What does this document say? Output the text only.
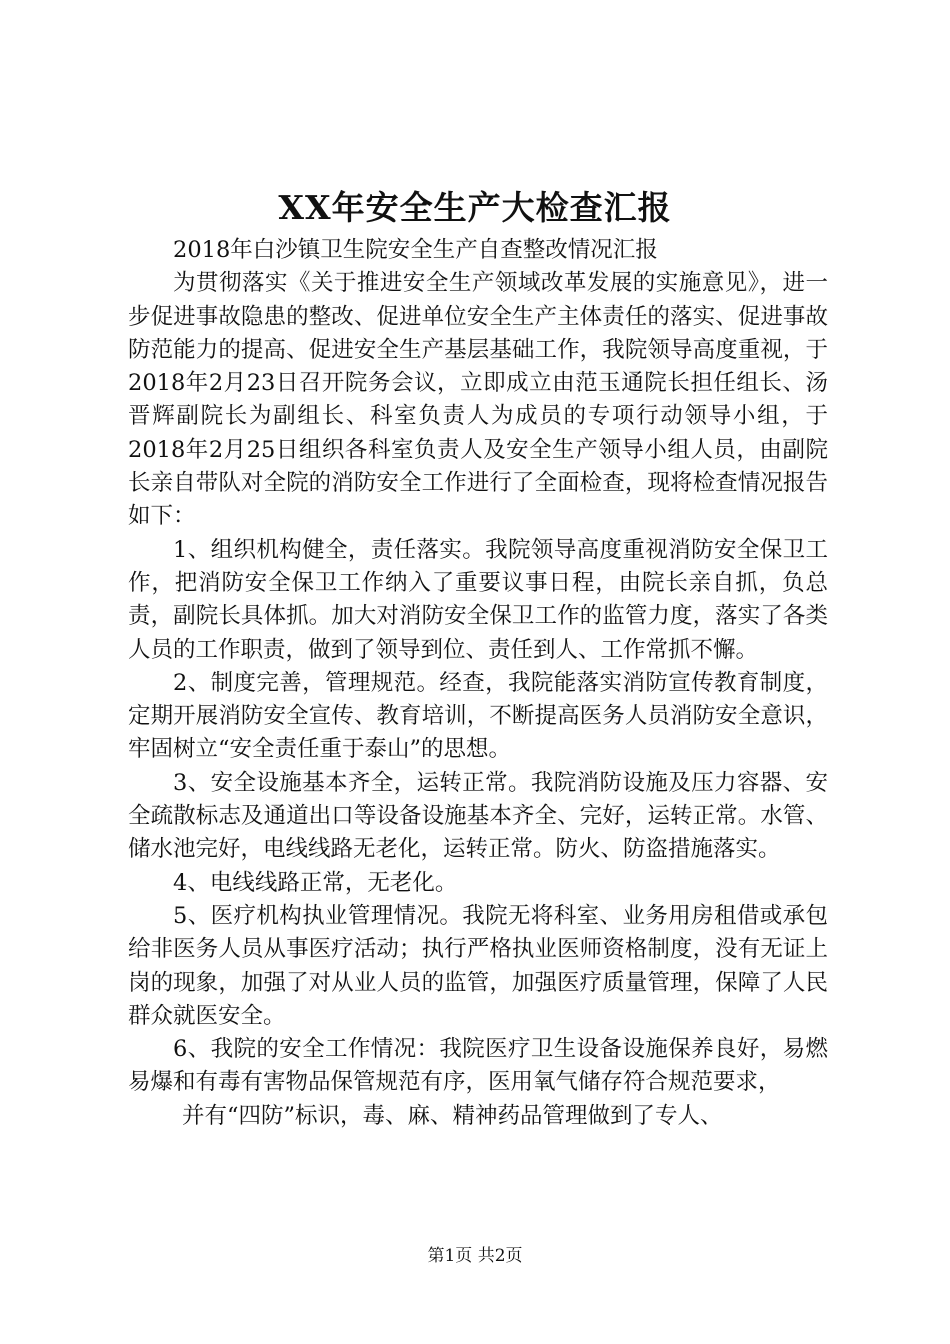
XX年安全生产大检查汇报

2018年白沙镇卫生院安全生产自查整改情况汇报

为贯彻落实《关于推进安全生产领域改革发展的实施意见》，进一步促进事故隐患的整改、促进单位安全生产主体责任的落实、促进事故防范能力的提高、促进安全生产基层基础工作，我院领导高度重视，于2018年2月23日召开院务会议，立即成立由范玉通院长担任组长、汤晋辉副院长为副组长、科室负责人为成员的专项行动领导小组，于2018年2月25日组织各科室负责人及安全生产领导小组人员，由副院长亲自带队对全院的消防安全工作进行了全面检查，现将检查情况报告如下：

1、组织机构健全，责任落实。我院领导高度重视消防安全保卫工作，把消防安全保卫工作纳入了重要议事日程，由院长亲自抓，负总责，副院长具体抓。加大对消防安全保卫工作的监管力度，落实了各类人员的工作职责，做到了领导到位、责任到人、工作常抓不懈。

2、制度完善，管理规范。经查，我院能落实消防宣传教育制度，定期开展消防安全宣传、教育培训，不断提高医务人员消防安全意识，牢固树立“安全责任重于泰山”的思想。

3、安全设施基本齐全，运转正常。我院消防设施及压力容器、安全疏散标志及通道出口等设备设施基本齐全、完好，运转正常。水管、储水池完好，电线线路无老化，运转正常。防火、防盗措施落实。

4、电线线路正常，无老化。

5、医疗机构执业管理情况。我院无将科室、业务用房租借或承包给非医务人员从事医疗活动；执行严格执业医师资格制度，没有无证上岗的现象，加强了对从业人员的监管，加强医疗质量管理，保障了人民群众就医安全。

6、我院的安全工作情况：我院医疗卫生设备设施保养良好，易燃易爆和有毒有害物品保管规范有序，医用氧气储存符合规范要求，

并有“四防”标识，毒、麻、精神药品管理做到了专人、

第1页 共2页
